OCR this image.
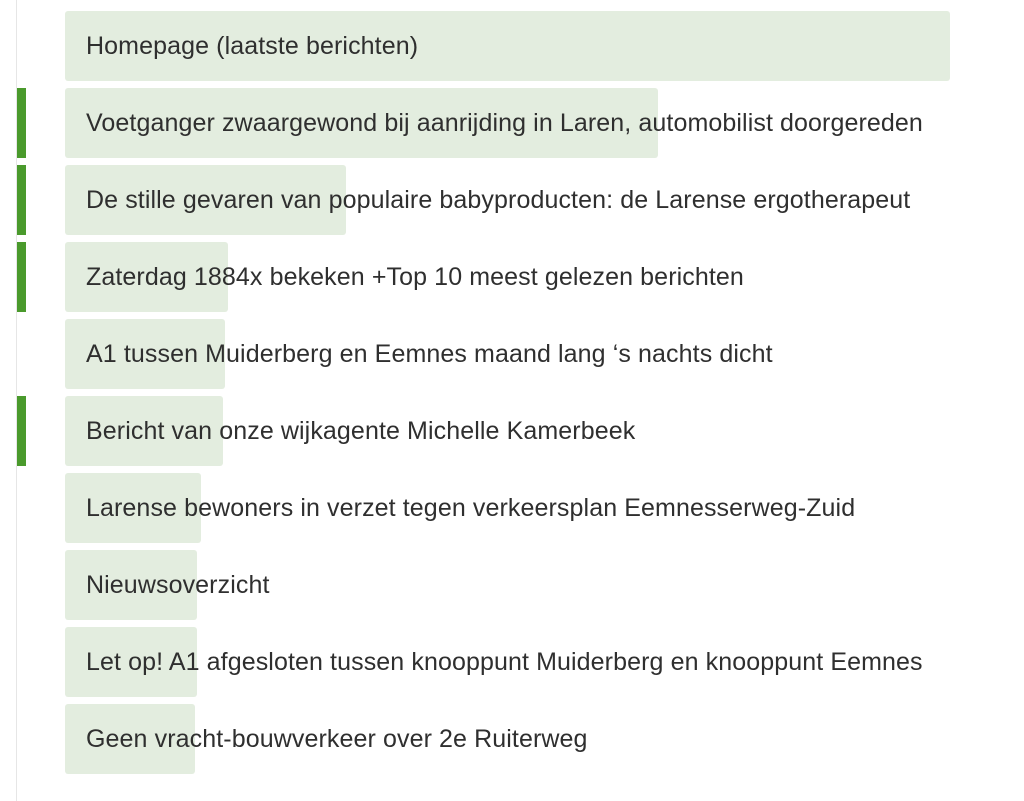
Homepage (laatste berichten)
Voetganger zwaargewond bij aanrijding in Laren, automobilist doorgereden
De stille gevaren van populaire babyproducten: de Larense ergotherapeut
Zaterdag 1884x bekeken +Top 10 meest gelezen berichten
A1 tussen Muiderberg en Eemnes maand lang ‘s nachts dicht
Bericht van onze wijkagente Michelle Kamerbeek
Larense bewoners in verzet tegen verkeersplan Eemnesserweg-Zuid
Nieuwsoverzicht
Let op! A1 afgesloten tussen knooppunt Muiderberg en knooppunt Eemnes
Geen vracht-bouwverkeer over 2e Ruiterweg
